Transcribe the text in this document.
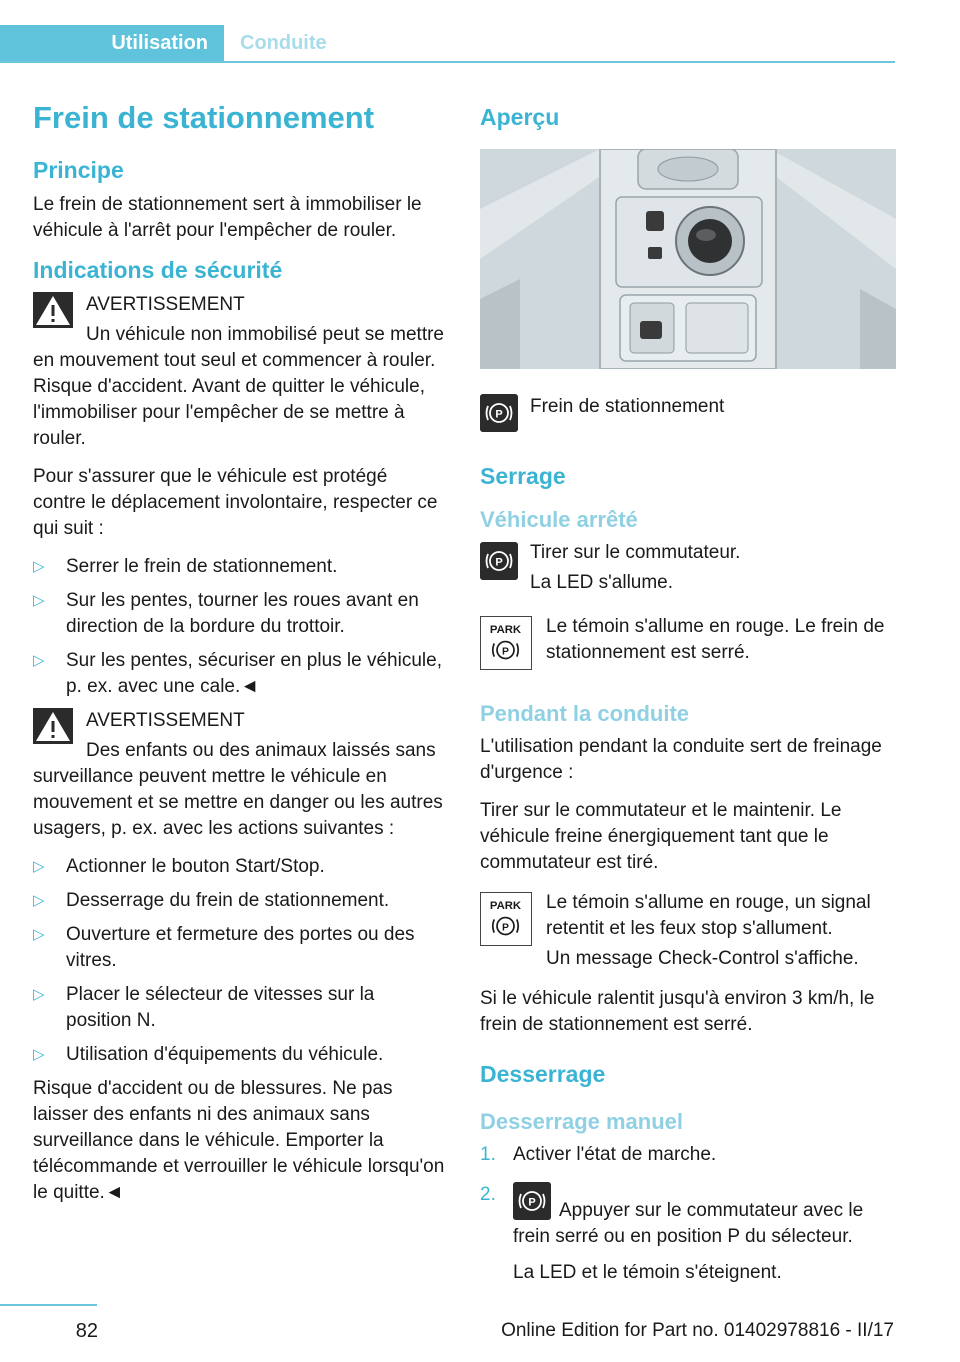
Utilisation	Conduite
Frein de stationnement
Principe

Le frein de stationnement sert à immobiliser le véhicule à l'arrêt pour l'empêcher de rouler.

Indications de sécurité

AVERTISSEMENT

Un véhicule non immobilisé peut se mettre en mouvement tout seul et commencer à rouler. Risque d'accident. Avant de quitter le véhicule, l'immobiliser pour l'empêcher de se mettre à rouler.

Pour s'assurer que le véhicule est protégé contre le déplacement involontaire, respecter ce qui suit :

▷ Serrer le frein de stationnement.
▷ Sur les pentes, tourner les roues avant en direction de la bordure du trottoir.
▷ Sur les pentes, sécuriser en plus le véhicule, p. ex. avec une cale.◄

AVERTISSEMENT

Des enfants ou des animaux laissés sans surveillance peuvent mettre le véhicule en mouvement et se mettre en danger ou les autres usagers, p. ex. avec les actions suivantes :

▷ Actionner le bouton Start/Stop.
▷ Desserrage du frein de stationnement.
▷ Ouverture et fermeture des portes ou des vitres.
▷ Placer le sélecteur de vitesses sur la position N.
▷ Utilisation d'équipements du véhicule.

Risque d'accident ou de blessures. Ne pas laisser des enfants ni des animaux sans surveillance dans le véhicule. Emporter la télécommande et verrouiller le véhicule lorsqu'on le quitte.◄

Aperçu
P Frein de stationnement

Serrage
Véhicule arrêté
P Tirer sur le commutateur.

La LED s'allume.

PARK
P

Le témoin s'allume en rouge. Le frein de stationnement est serré.

Pendant la conduite

L'utilisation pendant la conduite sert de freinage d'urgence :

Tirer sur le commutateur et le maintenir. Le véhicule freine énergiquement tant que le commutateur est tiré.

PARK
P

Le témoin s'allume en rouge, un signal retentit et les feux stop s'allument.

Un message Check-Control s'affiche.

Si le véhicule ralentit jusqu'à environ 3 km/h, le frein de stationnement est serré.

Desserrage
Desserrage manuel
1. Activer l'état de marche.
2.	P Appuyer sur le commutateur avec le frein serré ou en position P du sélecteur.
La LED et le témoin s'éteignent.
82	Online Edition for Part no. 01402978816 - II/17
